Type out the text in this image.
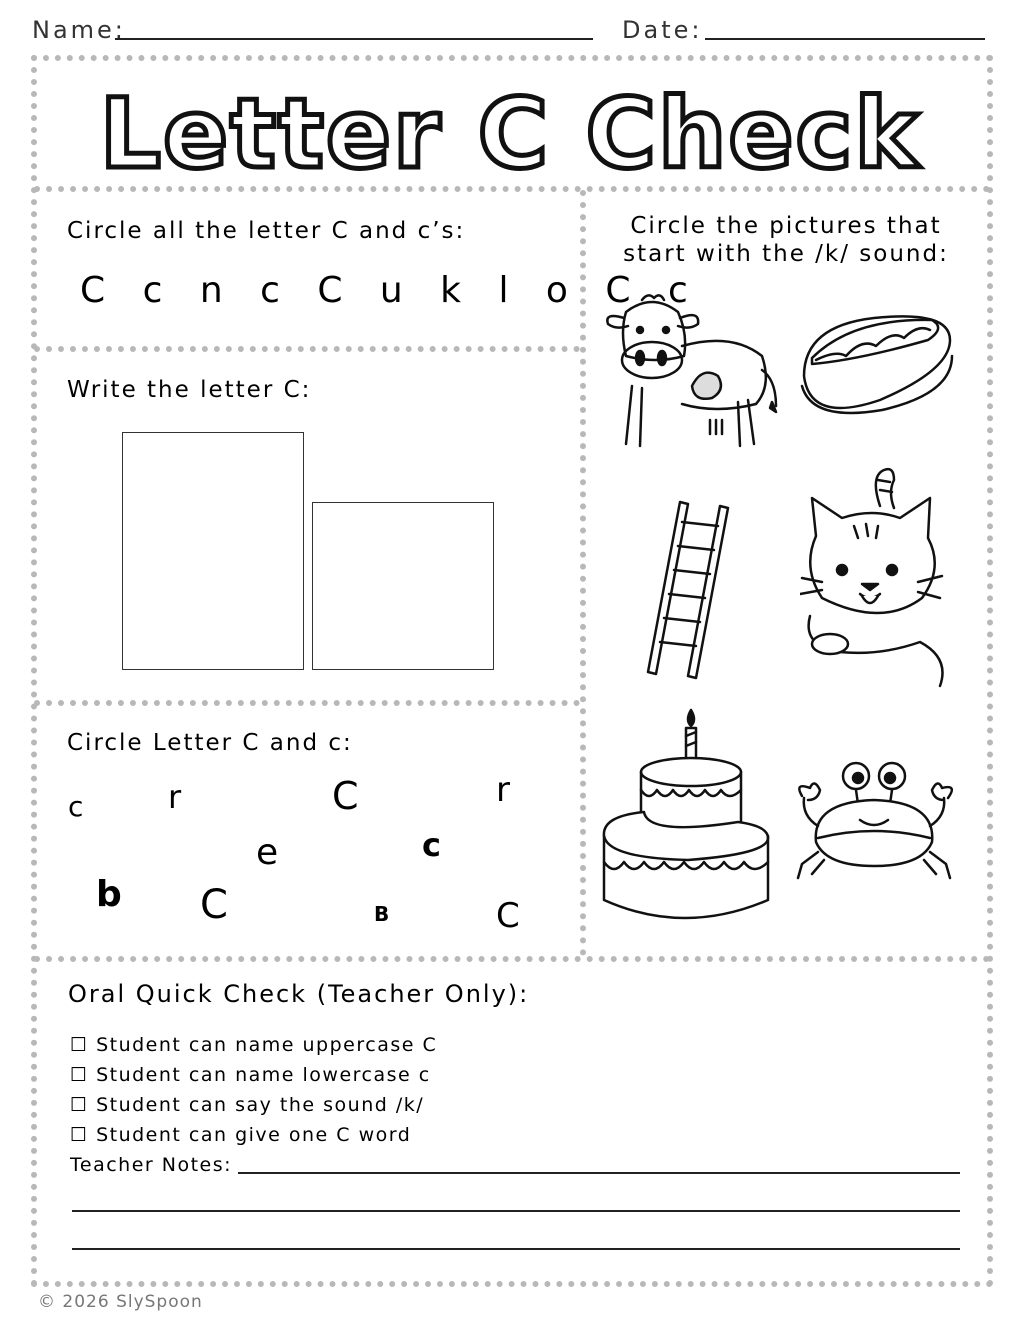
Name:	Date:
Letter C Check
Circle all the letter C and c’s:
C c n c C u k l o C c
Write the letter C:
Circle Letter C and c:
c	r	C	r
e	c
b C	B	C
Circle the pictures that
start with the /k/ sound:
Oral Quick Check (Teacher Only):
☐ Student can name uppercase C
☐ Student can name lowercase c
☐ Student can say the sound /k/
☐ Student can give one C word
Teacher Notes:
© 2026 SlySpoon
